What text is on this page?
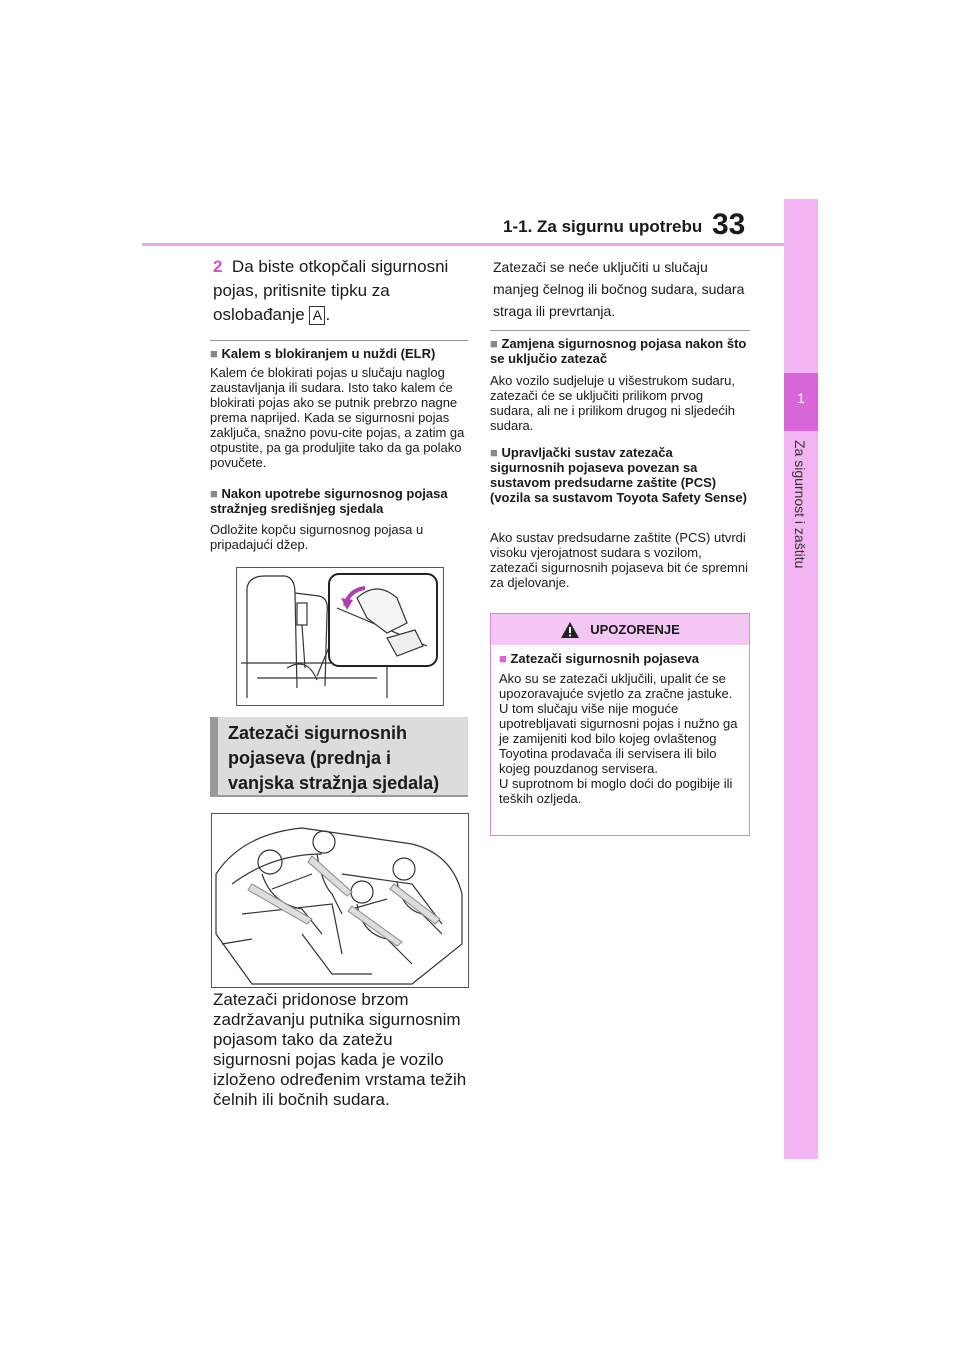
1-1. Za sigurnu upotrebu 33
1
Za sigurnost i zaštitu
2 Da biste otkopčali sigurnosni pojas, pritisnite tipku za oslobađanje A .
■ Kalem s blokiranjem u nuždi (ELR)
Kalem će blokirati pojas u slučaju naglog zaustavljanja ili sudara. Isto tako kalem će blokirati pojas ako se putnik prebrzo nagne prema naprijed. Kada se sigurnosni pojas zaključa, snažno povu-cite pojas, a zatim ga otpustite, pa ga produljite tako da ga polako povučete.
■ Nakon upotrebe sigurnosnog pojasa stražnjeg središnjeg sjedala
Odložite kopču sigurnosnog pojasa u pripadajući džep.
Zatezači sigurnosnih pojaseva (prednja i vanjska stražnja sjedala)
Zatezači pridonose brzom zadržavanju putnika sigurnosnim pojasom tako da zatežu sigurnosni pojas kada je vozilo izloženo određenim vrstama težih čelnih ili bočnih sudara.
Zatezači se neće uključiti u slučaju manjeg čelnog ili bočnog sudara, sudara straga ili prevrtanja.
■ Zamjena sigurnosnog pojasa nakon što se uključio zatezač
Ako vozilo sudjeluje u višestrukom sudaru, zatezači će se uključiti prilikom prvog sudara, ali ne i prilikom drugog ni sljedećih sudara.
■ Upravljački sustav zatezača sigurnosnih pojaseva povezan sa sustavom predsudarne zaštite (PCS) (vozila sa sustavom Toyota Safety Sense)
Ako sustav predsudarne zaštite (PCS) utvrdi visoku vjerojatnost sudara s vozilom, zatezači sigurnosnih pojaseva bit će spremni za djelovanje.
UPOZORENJE
■ Zatezači sigurnosnih pojaseva
Ako su se zatezači uključili, upalit će se upozoravajuće svjetlo za zračne jastuke. U tom slučaju više nije moguće upotrebljavati sigurnosni pojas i nužno ga je zamijeniti kod bilo kojeg ovlaštenog Toyotina prodavača ili servisera ili bilo kojeg pouzdanog servisera.
U suprotnom bi moglo doći do pogibije ili teških ozljeda.
